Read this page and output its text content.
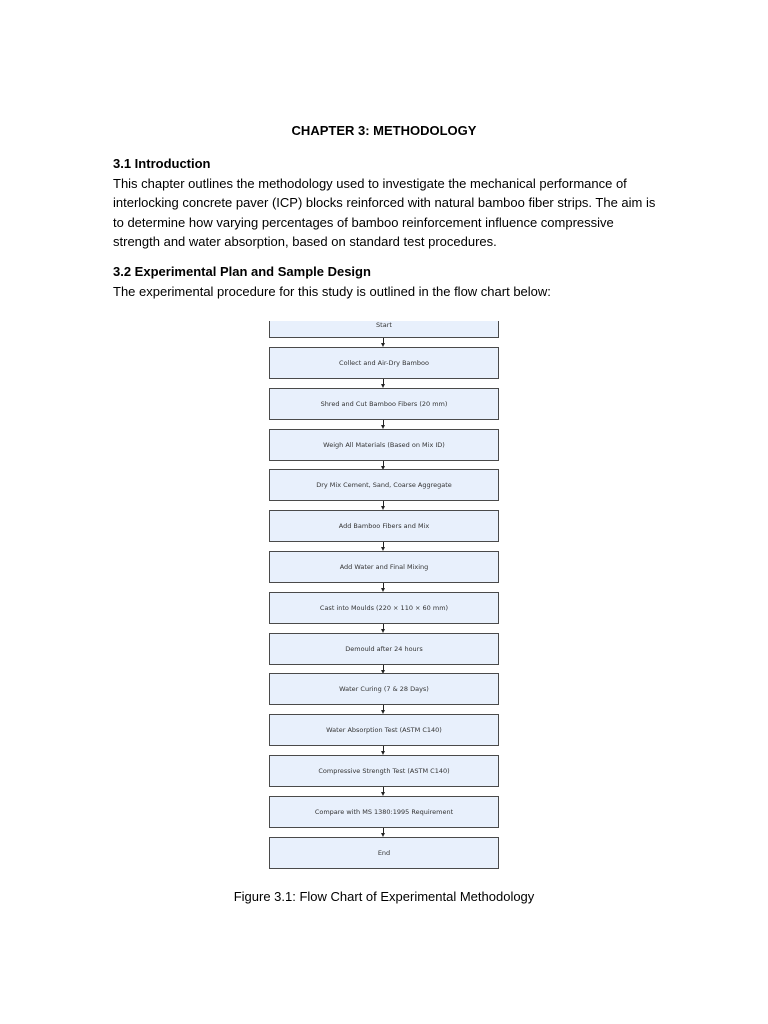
CHAPTER 3: METHODOLOGY
3.1 Introduction

This chapter outlines the methodology used to investigate the mechanical performance of interlocking concrete paver (ICP) blocks reinforced with natural bamboo fiber strips. The aim is to determine how varying percentages of bamboo reinforcement influence compressive strength and water absorption, based on standard test procedures.

3.2 Experimental Plan and Sample Design

The experimental procedure for this study is outlined in the flow chart below:

Start
Collect and Air-Dry Bamboo
Shred and Cut Bamboo Fibers (20 mm)
Weigh All Materials (Based on Mix ID)
Dry Mix Cement, Sand, Coarse Aggregate
Add Bamboo Fibers and Mix
Add Water and Final Mixing
Cast into Moulds (220 × 110 × 60 mm)
Demould after 24 hours
Water Curing (7 & 28 Days)
Water Absorption Test (ASTM C140)
Compressive Strength Test (ASTM C140)
Compare with MS 1380:1995 Requirement
End
Figure 3.1: Flow Chart of Experimental Methodology
